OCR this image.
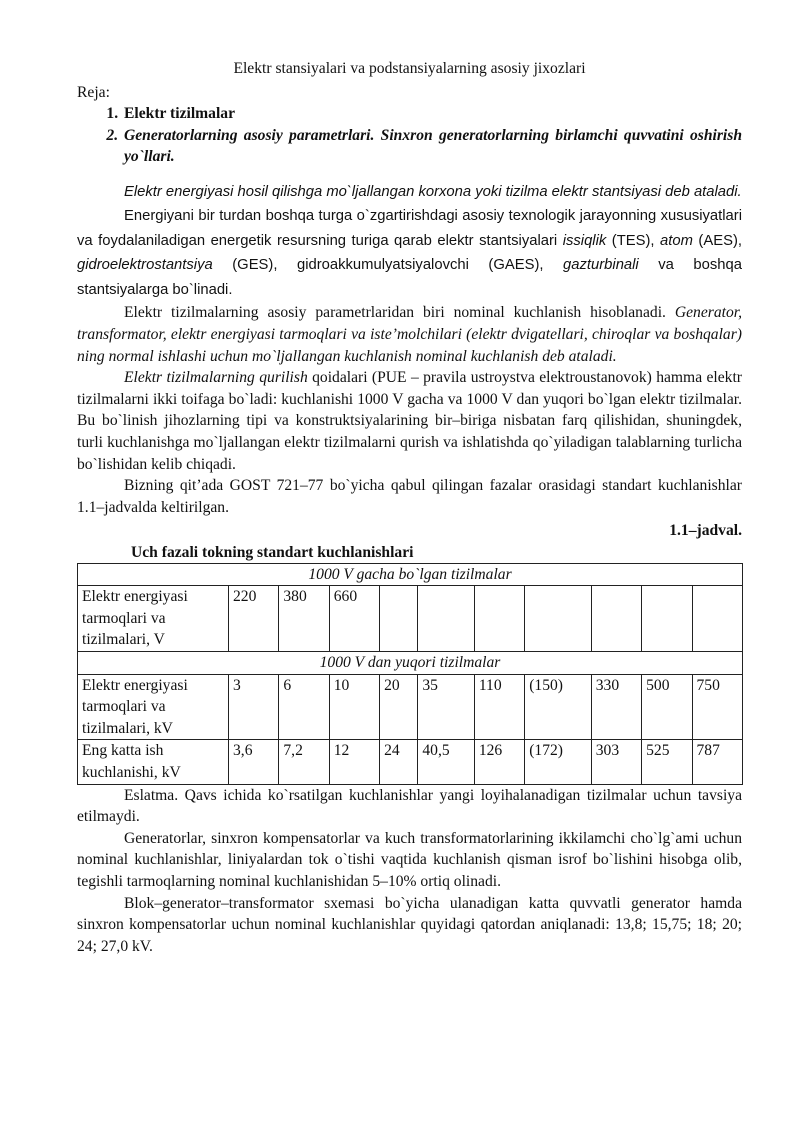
Elektr stansiyalari va podstansiyalarning asosiy jixozlari

Reja:
1. Elektr tizilmalar
2. Generatorlarning asosiy parametrlari. Sinxron generatorlarning birlamchi quvvatini oshirish yo`llari.

Elektr energiyasi hosil qilishga mo`ljallangan korxona yoki tizilma elektr stantsiyasi deb ataladi.

Energiyani bir turdan boshqa turga o`zgartirishdagi asosiy texnologik jarayonning xususiyatlari va foydalaniladigan energetik resursning turiga qarab elektr stantsiyalari issiqlik (TES), atom (AES), gidroelektrostantsiya (GES), gidroakkumulyatsiyalovchi (GAES), gazturbinali va boshqa stantsiyalarga bo`linadi.

Elektr tizilmalarning asosiy parametrlaridan biri nominal kuchlanish hisoblanadi. Generator, transformator, elektr energiyasi tarmoqlari va iste’molchilari (elektr dvigatellari, chiroqlar va boshqalar) ning normal ishlashi uchun mo`ljallangan kuchlanish nominal kuchlanish deb ataladi.

Elektr tizilmalarning qurilish qoidalari (PUE – pravila ustroystva elektroustanovok) hamma elektr tizilmalarni ikki toifaga bo`ladi: kuchlanishi 1000 V gacha va 1000 V dan yuqori bo`lgan elektr tizilmalar. Bu bo`linish jihozlarning tipi va konstruktsiyalarining bir–biriga nisbatan farq qilishidan, shuningdek, turli kuchlanishga mo`ljallangan elektr tizilmalarni qurish va ishlatishda qo`yiladigan talablarning turlicha bo`lishidan kelib chiqadi.

Bizning qit’ada GOST 721–77 bo`yicha qabul qilingan fazalar orasidagi standart kuchlanishlar 1.1–jadvalda keltirilgan.

1.1–jadval.
Uch fazali tokning standart kuchlanishlari
1000 V gacha bo`lgan tizilmalar										
Elektr energiyasi tarmoqlari va tizilmalari, V	220	380	660							
1000 V dan yuqori tizilmalar										
Elektr energiyasi tarmoqlari va tizilmalari, kV	3	6	10	20	35	110	(150)	330	500	750
Eng katta ish kuchlanishi, kV	3,6	7,2	12	24	40,5	126	(172)	303	525	787

Eslatma. Qavs ichida ko`rsatilgan kuchlanishlar yangi loyihalanadigan tizilmalar uchun tavsiya etilmaydi.

Generatorlar, sinxron kompensatorlar va kuch transformatorlarining ikkilamchi cho`lg`ami uchun nominal kuchlanishlar, liniyalardan tok o`tishi vaqtida kuchlanish qisman isrof bo`lishini hisobga olib, tegishli tarmoqlarning nominal kuchlanishidan 5–10% ortiq olinadi.

Blok–generator–transformator sxemasi bo`yicha ulanadigan katta quvvatli generator hamda sinxron kompensatorlar uchun nominal kuchlanishlar quyidagi qatordan aniqlanadi: 13,8; 15,75; 18; 20; 24; 27,0 kV.
